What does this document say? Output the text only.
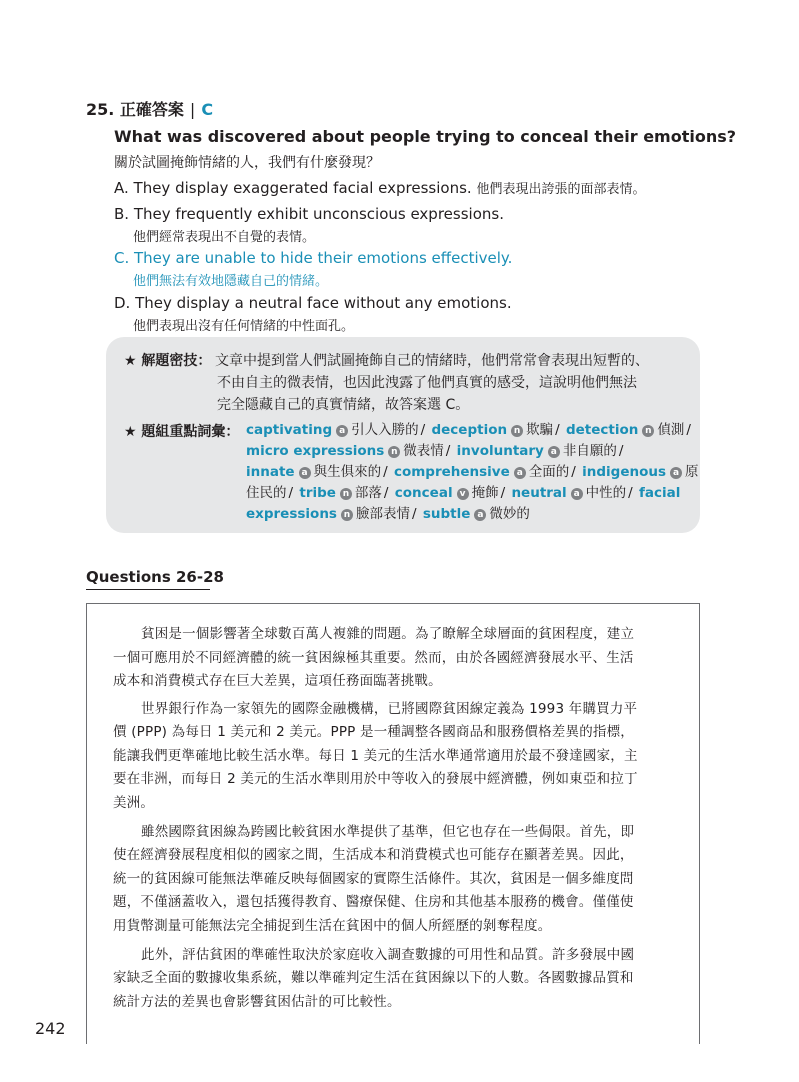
25. 正確答案 | C
What was discovered about people trying to conceal their emotions?
關於試圖掩飾情緒的人，我們有什麼發現？
A. They display exaggerated facial expressions. 他們表現出誇張的面部表情。
B. They frequently exhibit unconscious expressions.
他們經常表現出不自覺的表情。
C. They are unable to hide their emotions effectively.
他們無法有效地隱藏自己的情緒。
D. They display a neutral face without any emotions.
他們表現出沒有任何情緒的中性面孔。
★ 解題密技： 文章中提到當人們試圖掩飾自己的情緒時，他們常常會表現出短暫的、
不由自主的微表情，也因此洩露了他們真實的感受，這說明他們無法
完全隱藏自己的真實情緒，故答案選 C。
★ 題組重點詞彙： captivating a 引人入勝的 / deception n 欺騙 / detection n 偵測 /
micro expressions n 微表情 / involuntary a 非自願的 /
innate a 與生俱來的 / comprehensive a 全面的 / indigenous a 原
住民的 / tribe n 部落 / conceal v 掩飾 / neutral a 中性的 / facial
expressions n 臉部表情 / subtle a 微妙的
Questions 26-28
貧困是一個影響著全球數百萬人複雜的問題。為了瞭解全球層面的貧困程度，建立
一個可應用於不同經濟體的統一貧困線極其重要。然而，由於各國經濟發展水平、生活
成本和消費模式存在巨大差異，這項任務面臨著挑戰。
世界銀行作為一家領先的國際金融機構，已將國際貧困線定義為 1993 年購買力平
價 (PPP) 為每日 1 美元和 2 美元。PPP 是一種調整各國商品和服務價格差異的指標，
能讓我們更準確地比較生活水準。每日 1 美元的生活水準通常適用於最不發達國家，主
要在非洲，而每日 2 美元的生活水準則用於中等收入的發展中經濟體，例如東亞和拉丁
美洲。
雖然國際貧困線為跨國比較貧困水準提供了基準，但它也存在一些侷限。首先，即
使在經濟發展程度相似的國家之間，生活成本和消費模式也可能存在顯著差異。因此，
統一的貧困線可能無法準確反映每個國家的實際生活條件。其次，貧困是一個多維度問
題，不僅涵蓋收入，還包括獲得教育、醫療保健、住房和其他基本服務的機會。僅僅使
用貨幣測量可能無法完全捕捉到生活在貧困中的個人所經歷的剝奪程度。
此外，評估貧困的準確性取決於家庭收入調查數據的可用性和品質。許多發展中國
家缺乏全面的數據收集系統，難以準確判定生活在貧困線以下的人數。各國數據品質和
統計方法的差異也會影響貧困估計的可比較性。
242
